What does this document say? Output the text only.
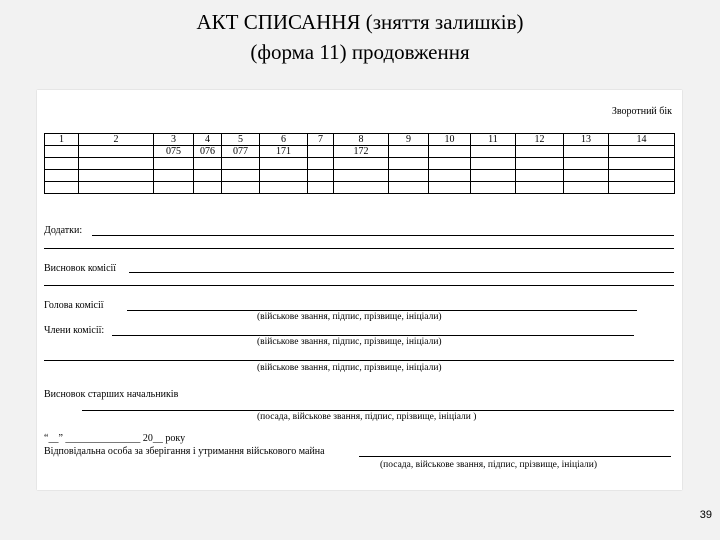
АКТ СПИСАННЯ (зняття залишків)
(форма 11) продовження
Зворотний бік
1	2	3	4	5	6	7	8	9	10	11	12	13	14
		075	076	077	171		172						

Додатки:
Висновок комісії
Голова комісії
(військове звання, підпис, прізвище, ініціали)
Члени комісії:
(військове звання, підпис, прізвище, ініціали)
(військове звання, підпис, прізвище, ініціали)
Висновок старших начальників
(посада, військове звання, підпис, прізвище, ініціали )
“__” _______________ 20__ року
Відповідальна особа за зберігання і утримання військового майна
(посада, військове звання, підпис, прізвище, ініціали)
39
